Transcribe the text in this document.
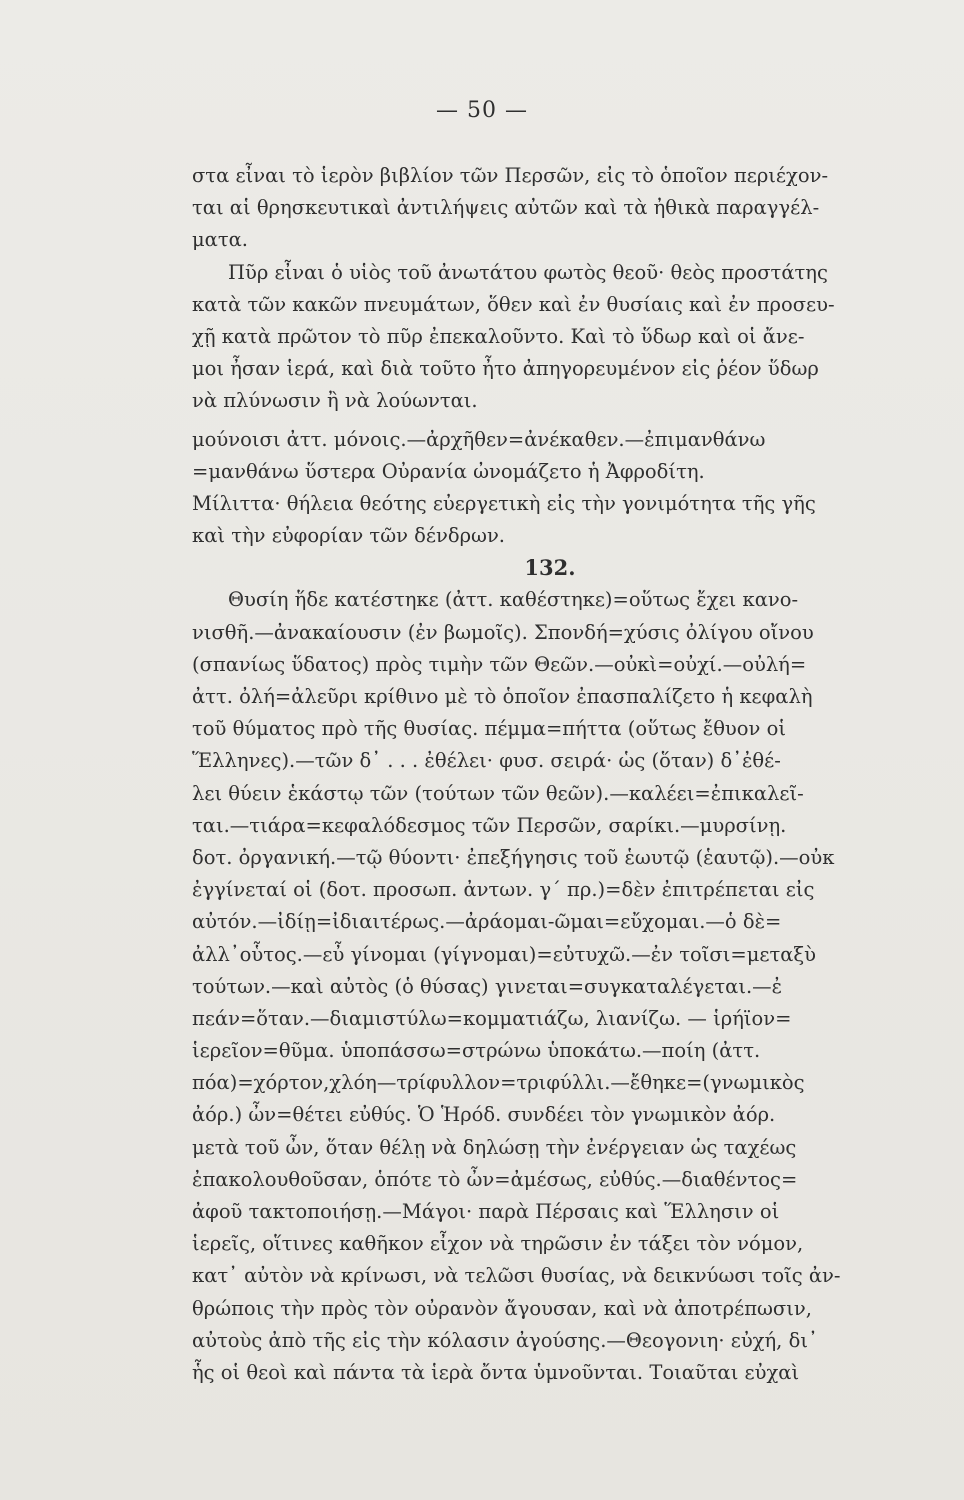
— 50 —
στα εἶναι τὸ ἱερὸν βιβλίον τῶν Περσῶν, εἰς τὸ ὁποῖον περιέχον-
ται αἱ θρησκευτικαὶ ἀντιλήψεις αὐτῶν καὶ τὰ ἠθικὰ παραγγέλ-
ματα.
Πῦρ εἶναι ὁ υἱὸς τοῦ ἀνωτάτου φωτὸς θεοῦ· θεὸς προστάτης
κατὰ τῶν κακῶν πνευμάτων, ὅθεν καὶ ἐν θυσίαις καὶ ἐν προσευ-
χῇ κατὰ πρῶτον τὸ πῦρ ἐπεκαλοῦντο. Καὶ τὸ ὕδωρ καὶ οἱ ἄνε-
μοι ἦσαν ἱερά, καὶ διὰ τοῦτο ἦτο ἀπηγορευμένον εἰς ῥέον ὕδωρ
νὰ πλύνωσιν ἢ νὰ λούωνται.
μούνοισι ἀττ. μόνοις.—ἀρχῆθεν=ἀνέκαθεν.—ἐπιμανθάνω
=μανθάνω ὕστερα Οὐρανία ὠνομάζετο ἡ Ἀφροδίτη.
Μίλιττα· θήλεια θεότης εὐεργετικὴ εἰς τὴν γονιμότητα τῆς γῆς
καὶ τὴν εὐφορίαν τῶν δένδρων.
132.
Θυσίη ἥδε κατέστηκε (ἀττ. καθέστηκε)=οὕτως ἔχει κανο-
νισθῆ.—ἀνακαίουσιν (ἐν βωμοῖς). Σπονδή=χύσις ὀλίγου οἴνου
(σπανίως ὕδατος) πρὸς τιμὴν τῶν Θεῶν.—οὐκὶ=οὐχί.—οὐλή=
ἀττ. ὀλή=ἀλεῦρι κρίθινο μὲ τὸ ὁποῖον ἐπασπαλίζετο ἡ κεφαλὴ
τοῦ θύματος πρὸ τῆς θυσίας. πέμμα=πήττα (οὕτως ἔθυον οἱ
Ἕλληνες).—τῶν δ᾿ . . . ἐθέλει· φυσ. σειρά· ὡς (ὅταν) δ᾿ἐθέ-
λει θύειν ἑκάστῳ τῶν (τούτων τῶν θεῶν).—καλέει=ἐπικαλεῖ-
ται.—τιάρα=κεφαλόδεσμος τῶν Περσῶν, σαρίκι.—μυρσίνῃ.
δοτ. ὀργανική.—τῷ θύοντι· ἐπεξήγησις τοῦ ἑωυτῷ (ἑαυτῷ).—οὐκ
ἐγγίνεταί οἱ (δοτ. προσωπ. ἀντων. γ´ πρ.)=δὲν ἐπιτρέπεται εἰς
αὐτόν.—ἰδίῃ=ἰδιαιτέρως.—ἀράομαι-ῶμαι=εὔχομαι.—ὁ δὲ=
ἀλλ᾿οὗτος.—εὖ γίνομαι (γίγνομαι)=εὐτυχῶ.—ἐν τοῖσι=μεταξὺ
τούτων.—καὶ αὐτὸς (ὁ θύσας) γινεται=συγκαταλέγεται.—ἐ
πεάν=ὅταν.—διαμιστύλω=κομματιάζω, λιανίζω. — ἱρήϊον=
ἱερεῖον=θῦμα. ὑποπάσσω=στρώνω ὑποκάτω.—ποίη (ἀττ.
πόα)=χόρτον,χλόη—τρίφυλλον=τριφύλλι.—ἔθηκε=(γνωμικὸς
ἀόρ.) ὦν=θέτει εὐθύς. Ὁ Ἡρόδ. συνδέει τὸν γνωμικὸν ἀόρ.
μετὰ τοῦ ὦν, ὅταν θέλῃ νὰ δηλώσῃ τὴν ἐνέργειαν ὡς ταχέως
ἐπακολουθοῦσαν, ὁπότε τὸ ὦν=ἀμέσως, εὐθύς.—διαθέντος=
ἀφοῦ τακτοποιήσῃ.—Μάγοι· παρὰ Πέρσαις καὶ Ἕλλησιν οἱ
ἱερεῖς, οἵτινες καθῆκον εἶχον νὰ τηρῶσιν ἐν τάξει τὸν νόμον,
κατ᾿ αὐτὸν νὰ κρίνωσι, νὰ τελῶσι θυσίας, νὰ δεικνύωσι τοῖς ἀν-
θρώποις τὴν πρὸς τὸν οὐρανὸν ἄγουσαν, καὶ νὰ ἀποτρέπωσιν,
αὐτοὺς ἀπὸ τῆς εἰς τὴν κόλασιν ἀγούσης.—Θεογονιη· εὐχή, δι᾿
ἧς οἱ θεοὶ καὶ πάντα τὰ ἱερὰ ὄντα ὑμνοῦνται. Τοιαῦται εὐχαὶ
